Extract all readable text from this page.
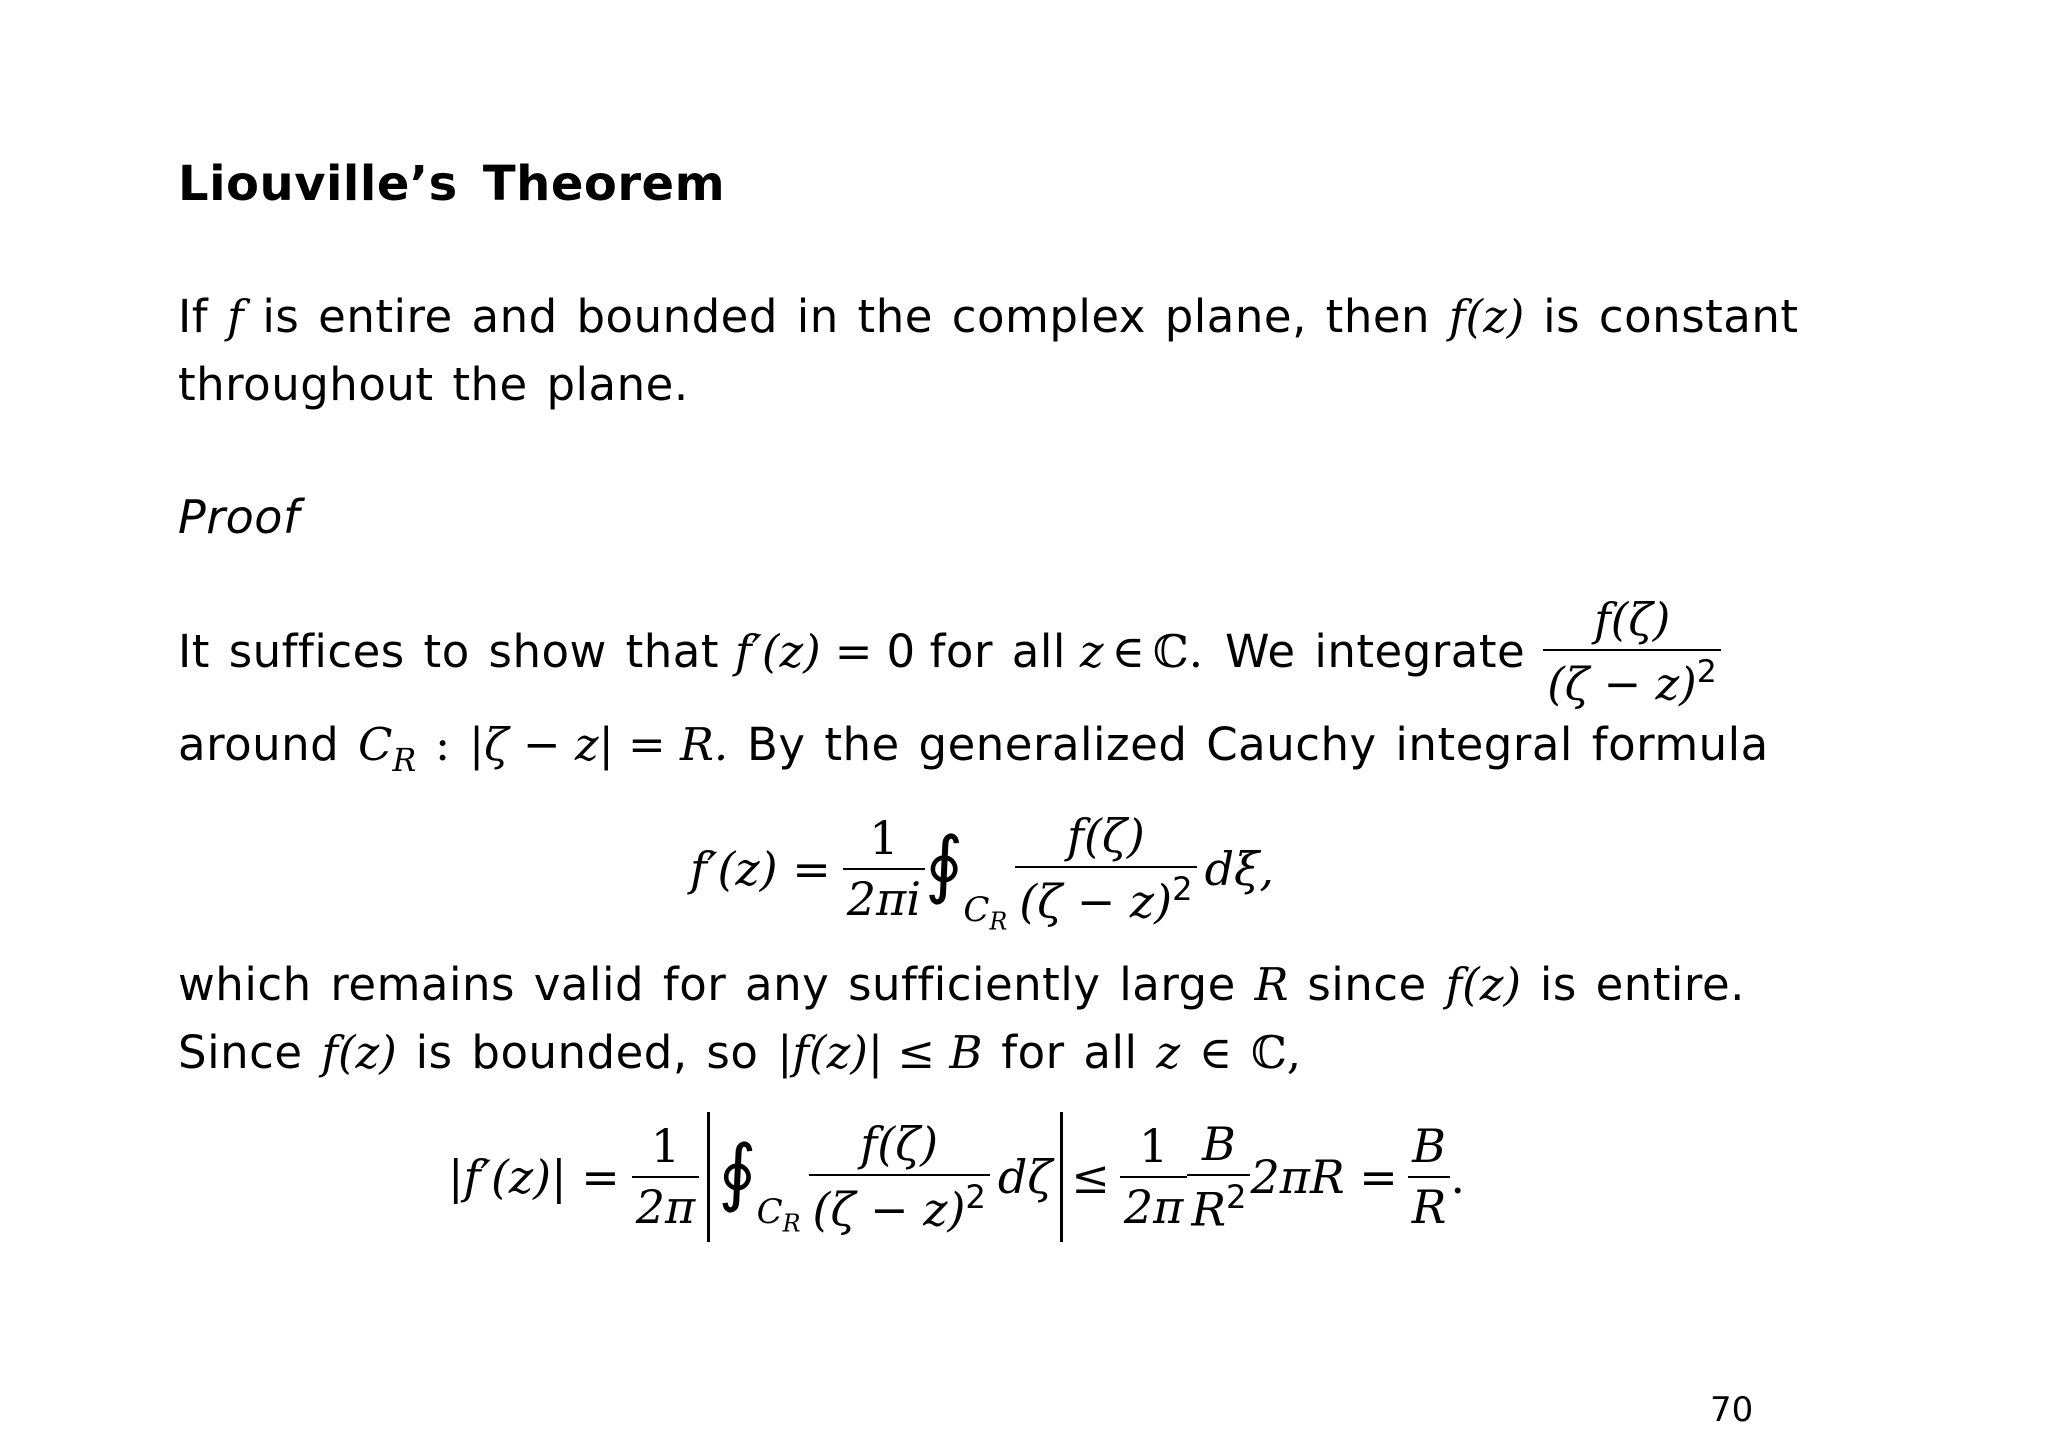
Liouville’s Theorem
If f is entire and bounded in the complex plane, then f(z) is constant
throughout the plane.
Proof
It suffices to show that f′(z) = 0 for all z ∈ ℂ. We integrate $\frac{f(\zeta)}{(\zeta - z)^2}$
around $C_R$ : |ζ − z| = R. By the generalized Cauchy integral formula
$f'(z) = \frac{1}{2\pi i}$ ∮
$C_R \frac{f(\zeta)}{(\zeta - z)^2} d\xi$,
which remains valid for any sufficiently large R since f(z) is entire.
Since f(z) is bounded, so |f(z)| ≤ B for all z ∈ ℂ,
$|f'(z)| = \frac{1}{2\pi}$ ∮ $C_R \frac{f(\zeta)}{(\zeta - z)^2}$ $d\zeta \le \frac{1}{2\pi} \frac{B}{R^2} 2\pi R = \frac{B}{R}$ .
70
